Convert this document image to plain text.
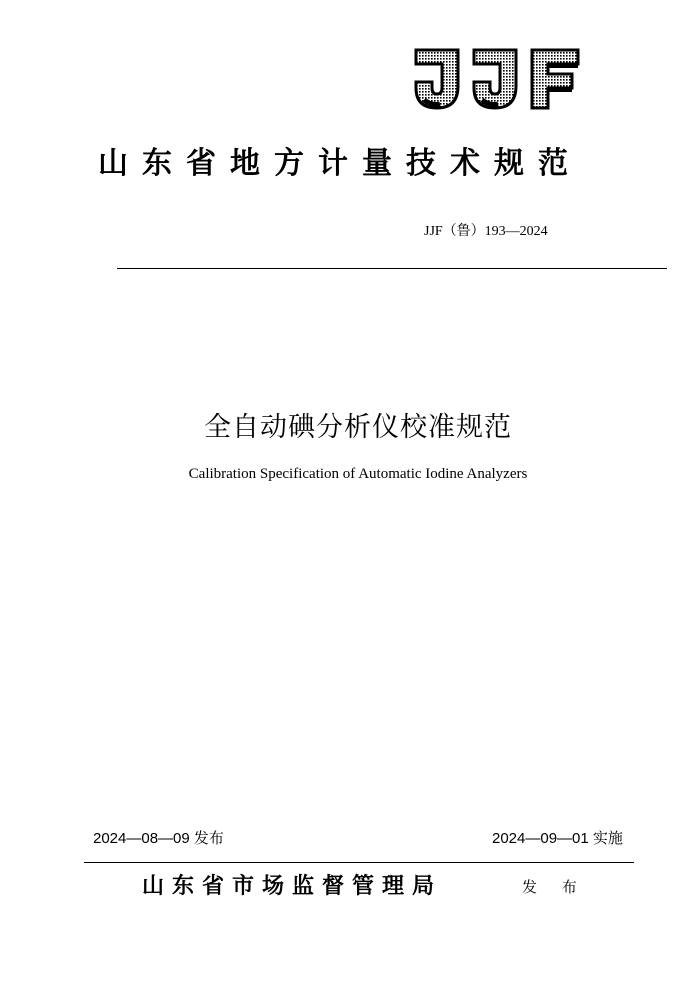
山东省地方计量技术规范
JJF（鲁）193—2024
全自动碘分析仪校准规范
Calibration Specification of Automatic Iodine Analyzers
2024—08—09 发布	2024—09—01 实施
山东省市场监督管理局	发 布
